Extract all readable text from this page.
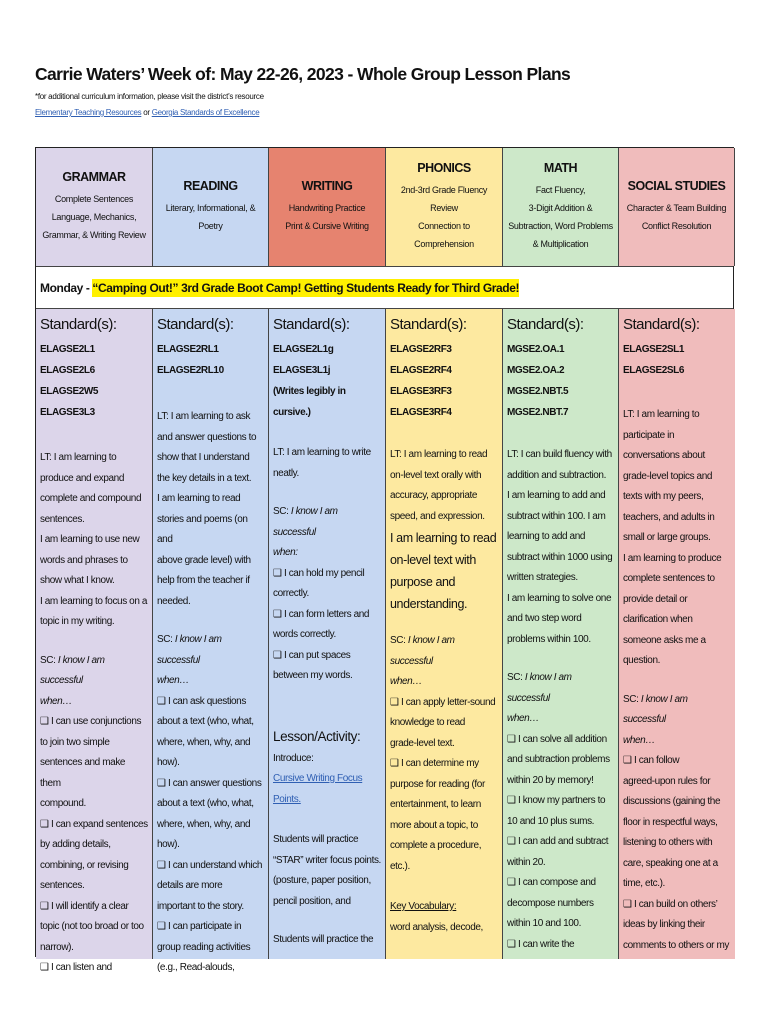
Carrie Waters’ Week of: May 22-26, 2023 - Whole Group Lesson Plans
*for additional curriculum information, please visit the district’s resource
Elementary Teaching Resources or Georgia Standards of Excellence
GRAMMAR
Complete Sentences
Language, Mechanics,
Grammar, & Writing Review
READING
Literary, Informational, &
Poetry
WRITING
Handwriting Practice
Print & Cursive Writing
PHONICS
2nd-3rd Grade Fluency
Review
Connection to
Comprehension
MATH
Fact Fluency,
3-Digit Addition &
Subtraction, Word Problems
& Multiplication
SOCIAL STUDIES
Character & Team Building
Conflict Resolution
Monday - “Camping Out!” 3rd Grade Boot Camp! Getting Students Ready for Third Grade!
Standard(s):
ELAGSE2L1
ELAGSE2L6
ELAGSE2W5
ELAGSE3L3
LT: I am learning to
produce and expand
complete and compound
sentences.
I am learning to use new
words and phrases to
show what I know.
I am learning to focus on a
topic in my writing.
SC: I know I am successful
when…
❑ I can use conjunctions
to join two simple
sentences and make them
compound.
❑ I can expand sentences
by adding details,
combining, or revising
sentences.
❑ I will identify a clear
topic (not too broad or too
narrow).
❑ I can listen and
Standard(s):
ELAGSE2RL1
ELAGSE2RL10
LT: I am learning to ask
and answer questions to
show that I understand
the key details in a text.
I am learning to read
stories and poems (on and
above grade level) with
help from the teacher if
needed.
SC: I know I am successful
when…
❑ I can ask questions
about a text (who, what,
where, when, why, and
how).
❑ I can answer questions
about a text (who, what,
where, when, why, and
how).
❑ I can understand which
details are more
important to the story.
❑ I can participate in
group reading activities
(e.g., Read-alouds,
Standard(s):
ELAGSE2L1g
ELAGSE3L1j
(Writes legibly in cursive.)
LT: I am learning to write
neatly.
SC: I know I am successful
when:
❑ I can hold my pencil
correctly.
❑ I can form letters and
words correctly.
❑ I can put spaces
between my words.
Lesson/Activity:
Introduce:
Cursive Writing Focus
Points.
Students will practice
“STAR” writer focus points.
(posture, paper position,
pencil position, and
Students will practice the
Standard(s):
ELAGSE2RF3
ELAGSE2RF4
ELAGSE3RF3
ELAGSE3RF4
LT: I am learning to read
on-level text orally with
accuracy, appropriate
speed, and expression.
I am learning to read
on-level text with
purpose and
understanding.
SC: I know I am successful
when…
❑ I can apply letter-sound
knowledge to read
grade-level text.
❑ I can determine my
purpose for reading (for
entertainment, to learn
more about a topic, to
complete a procedure,
etc.).
Key Vocabulary:
word analysis, decode,
Standard(s):
MGSE2.OA.1
MGSE2.OA.2
MGSE2.NBT.5
MGSE2.NBT.7
LT: I can build fluency with
addition and subtraction.
I am learning to add and
subtract within 100. I am
learning to add and
subtract within 1000 using
written strategies.
I am learning to solve one
and two step word
problems within 100.
SC: I know I am successful
when…
❑ I can solve all addition
and subtraction problems
within 20 by memory!
❑ I know my partners to
10 and 10 plus sums.
❑ I can add and subtract
within 20.
❑ I can compose and
decompose numbers
within 10 and 100.
❑ I can write the
Standard(s):
ELAGSE2SL1
ELAGSE2SL6
LT: I am learning to
participate in
conversations about
grade-level topics and
texts with my peers,
teachers, and adults in
small or large groups.
I am learning to produce
complete sentences to
provide detail or
clarification when
someone asks me a
question.
SC: I know I am successful
when…
❑ I can follow
agreed-upon rules for
discussions (gaining the
floor in respectful ways,
listening to others with
care, speaking one at a
time, etc.).
❑ I can build on others’
ideas by linking their
comments to others or my
